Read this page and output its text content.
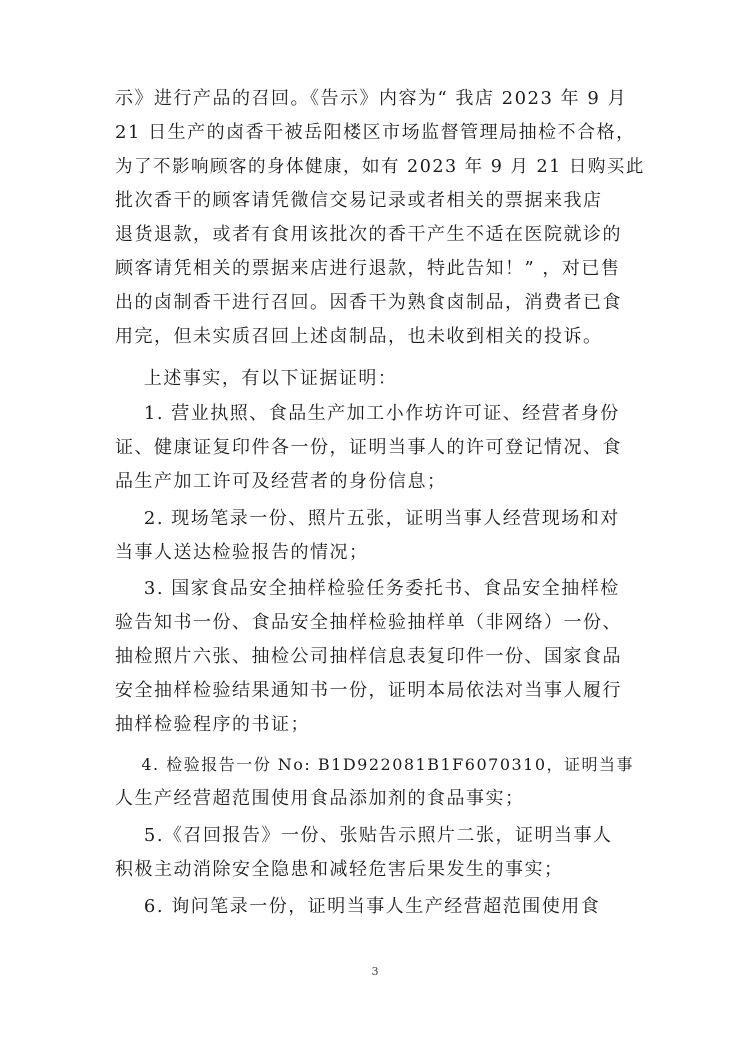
示》进行产品的召回。《告示》内容为“ 我店 2023 年 9 月
21 日生产的卤香干被岳阳楼区市场监督管理局抽检不合格，
为了不影响顾客的身体健康，如有 2023 年 9 月 21 日购买此
批次香干的顾客请凭微信交易记录或者相关的票据来我店
退货退款，或者有食用该批次的香干产生不适在医院就诊的
顾客请凭相关的票据来店进行退款，特此告知！” ，对已售
出的卤制香干进行召回。因香干为熟食卤制品，消费者已食
用完，但未实质召回上述卤制品，也未收到相关的投诉。
上述事实，有以下证据证明：
1. 营业执照、食品生产加工小作坊许可证、经营者身份
证、健康证复印件各一份，证明当事人的许可登记情况、食
品生产加工许可及经营者的身份信息；
2. 现场笔录一份、照片五张，证明当事人经营现场和对
当事人送达检验报告的情况；
3. 国家食品安全抽样检验任务委托书、食品安全抽样检
验告知书一份、食品安全抽样检验抽样单（非网络）一份、
抽检照片六张、抽检公司抽样信息表复印件一份、国家食品
安全抽样检验结果通知书一份，证明本局依法对当事人履行
抽样检验程序的书证；
4. 检验报告一份 No: B1D922081B1F6070310，证明当事
人生产经营超范围使用食品添加剂的食品事实；
5.《召回报告》一份、张贴告示照片二张，证明当事人
积极主动消除安全隐患和减轻危害后果发生的事实；
6. 询问笔录一份，证明当事人生产经营超范围使用食
3
